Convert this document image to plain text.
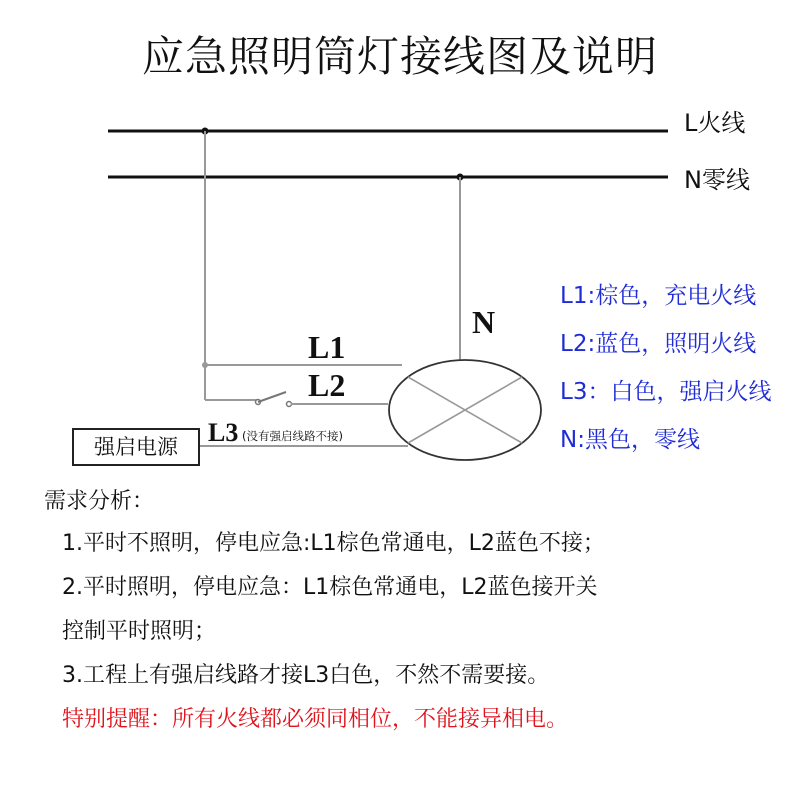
应急照明筒灯接线图及说明
N
L1
L2
L3 (没有强启线路不接)
L火线
N零线
强启电源
L1:棕色，充电火线
L2:蓝色，照明火线
L3：白色，强启火线
N:黑色，零线
需求分析：
1.平时不照明，停电应急:L1棕色常通电，L2蓝色不接；
2.平时照明，停电应急：L1棕色常通电，L2蓝色接开关
控制平时照明；
3.工程上有强启线路才接L3白色，不然不需要接。
特别提醒：所有火线都必须同相位，不能接异相电。
